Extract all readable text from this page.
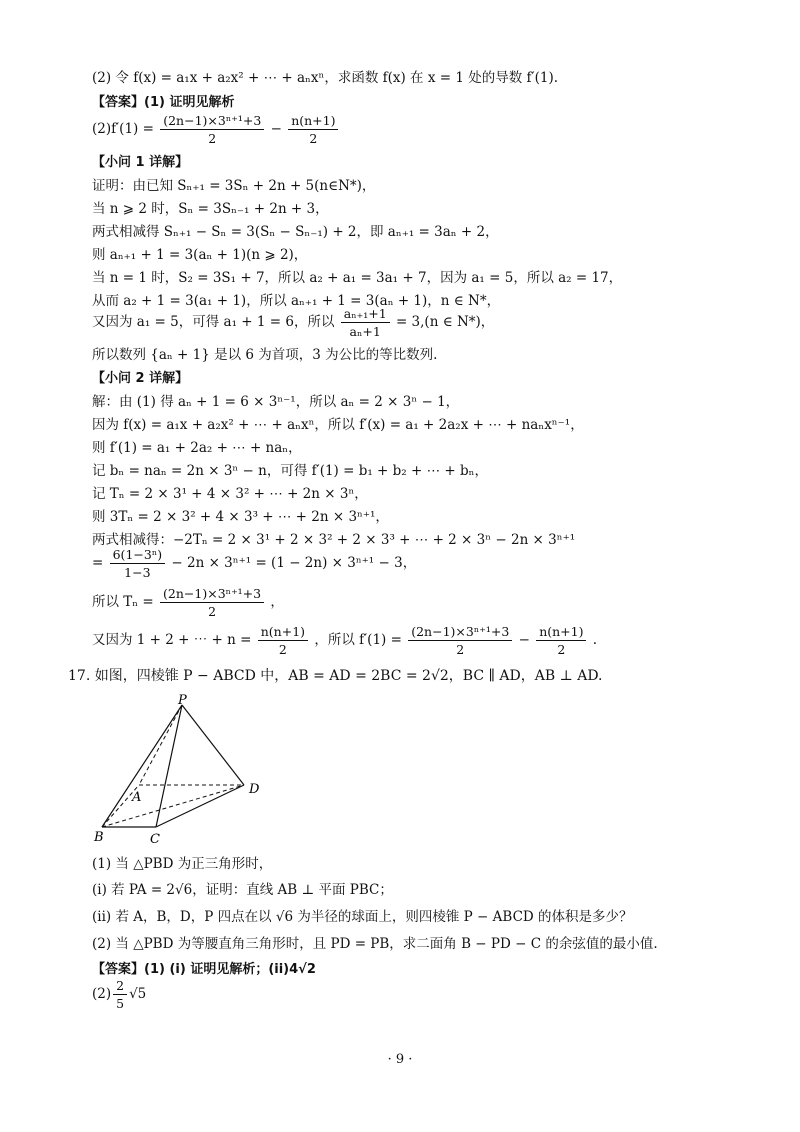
(2) 令 f(x) = a₁x + a₂x² + ⋯ + aₙxⁿ，求函数 f(x) 在 x = 1 处的导数 f′(1).
【答案】(1) 证明见解析
$(2)f'(1) = \frac{\text{(2n−1)×3ⁿ⁺¹+3}}{2} - \frac{n(n+1)}{2}$
【小问 1 详解】
证明：由已知 Sₙ₊₁ = 3Sₙ + 2n + 5(n∈N*)，
当 n ⩾ 2 时，Sₙ = 3Sₙ₋₁ + 2n + 3，
两式相减得 Sₙ₊₁ − Sₙ = 3(Sₙ − Sₙ₋₁) + 2，即 aₙ₊₁ = 3aₙ + 2，
则 aₙ₊₁ + 1 = 3(aₙ + 1)(n ⩾ 2)，
当 n = 1 时，S₂ = 3S₁ + 7，所以 a₂ + a₁ = 3a₁ + 7，因为 a₁ = 5，所以 a₂ = 17，
从而 a₂ + 1 = 3(a₁ + 1)，所以 aₙ₊₁ + 1 = 3(aₙ + 1)，n ∈ N*，
又因为 a₁ = 5，可得 a₁ + 1 = 6，所以 $\frac{\text{aₙ₊₁+1}}{\text{aₙ+1}} = 3,(n$ ∈ N*)，
所以数列 {aₙ + 1} 是以 6 为首项，3 为公比的等比数列.
【小问 2 详解】
解：由 (1) 得 aₙ + 1 = 6 × 3ⁿ⁻¹，所以 aₙ = 2 × 3ⁿ − 1，
因为 f(x) = a₁x + a₂x² + ⋯ + aₙxⁿ，所以 f′(x) = a₁ + 2a₂x + ⋯ + naₙxⁿ⁻¹，
则 f′(1) = a₁ + 2a₂ + ⋯ + naₙ，
记 bₙ = naₙ = 2n × 3ⁿ − n，可得 f′(1) = b₁ + b₂ + ⋯ + bₙ，
记 Tₙ = 2 × 3¹ + 4 × 3² + ⋯ + 2n × 3ⁿ，
则 3Tₙ = 2 × 3² + 4 × 3³ + ⋯ + 2n × 3ⁿ⁺¹，
两式相减得：−2Tₙ = 2 × 3¹ + 2 × 3² + 2 × 3³ + ⋯ + 2 × 3ⁿ − 2n × 3ⁿ⁺¹
= $\frac{\text{6(1−3ⁿ)}}{1-3} - 2n \times 3^{n+1} = (1 - 2n) \times 3^{n+1} - 3$，
所以 $T_n = \frac{\text{(2n−1)×3ⁿ⁺¹+3}}{2}$ ，
又因为 1 + 2 + ⋯ + $n = \frac{n(n+1)}{2}$ ，所以 $f'(1) = \frac{\text{(2n−1)×3ⁿ⁺¹+3}}{2} - \frac{n(n+1)}{2}$ .
17. 如图，四棱锥 P − ABCD 中，AB = AD = 2BC = 2√2，BC ∥ AD，AB ⊥ AD.
P
A
B	C
D
(1) 当 △PBD 为正三角形时，
(i) 若 PA = 2√6，证明：直线 AB ⊥ 平面 PBC；
(ii) 若 A，B，D，P 四点在以 √6 为半径的球面上，则四棱锥 P − ABCD 的体积是多少？
(2) 当 △PBD 为等腰直角三角形时，且 PD = PB，求二面角 B − PD − C 的余弦值的最小值.
【答案】(1) (i) 证明见解析；(ii)4√2
$(2) \frac{2}{5} √5$
· 9 ·
